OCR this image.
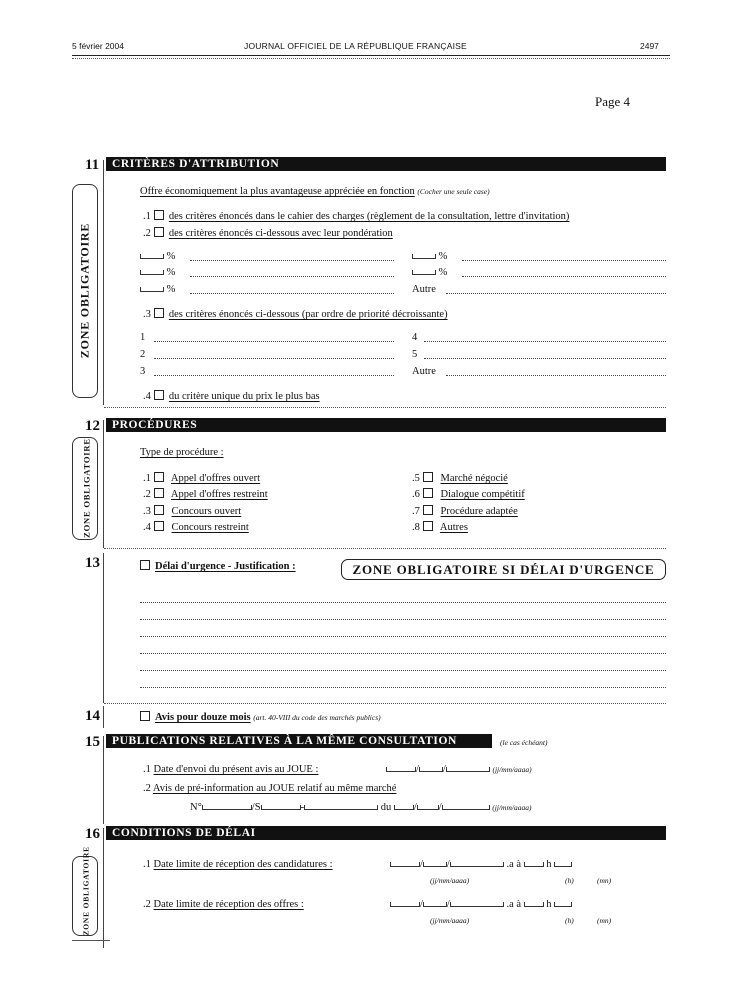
5 février 2004	JOURNAL OFFICIEL DE LA RÉPUBLIQUE FRANÇAISE	2497
Page 4
11	CRITÈRES D'ATTRIBUTION
ZONE OBLIGATOIRE
Offre économiquement la plus avantageuse appréciée en fonction (Cocher une seule case)
.1 des critères énoncés dans le cahier des charges (règlement de la consultation, lettre d'invitation)
.2 des critères énoncés ci-dessous avec leur pondération
%	%
%	%
%	Autre
.3 des critères énoncés ci-dessous (par ordre de priorité décroissante)
1	4
2	5
3	Autre
.4 du critère unique du prix le plus bas
12	PROCÉDURES
ZONE OBLIGATOIRE	Type de procédure :
.1 Appel d'offres ouvert
.2 Appel d'offres restreint
.3 Concours ouvert
.4 Concours restreint
.5 Marché négocié
.6 Dialogue compétitif
.7 Procédure adaptée
.8 Autres
13	Délai d'urgence - Justification :	ZONE OBLIGATOIRE SI DÉLAI D'URGENCE
14	Avis pour douze mois (art. 40-VIII du code des marchés publics)
15	PUBLICATIONS RELATIVES À LA MÊME CONSULTATION	(le cas échéant)
.1 Date d'envoi du présent avis au JOUE :	/ /	(jj/mm/aaaa)
.2 Avis de pré-information au JOUE relatif au même marché
N°	/S	-	du / /	(jj/mm/aaaa)
16	CONDITIONS DE DÉLAI
ZONE OBLIGATOIRE	.1 Date limite de réception des candidatures :	/ /	.a à h
(jj/mm/aaaa)	(h)	(mn)
.2 Date limite de réception des offres :	/ /	.a à h
(jj/mm/aaaa)	(h)	(mn)
